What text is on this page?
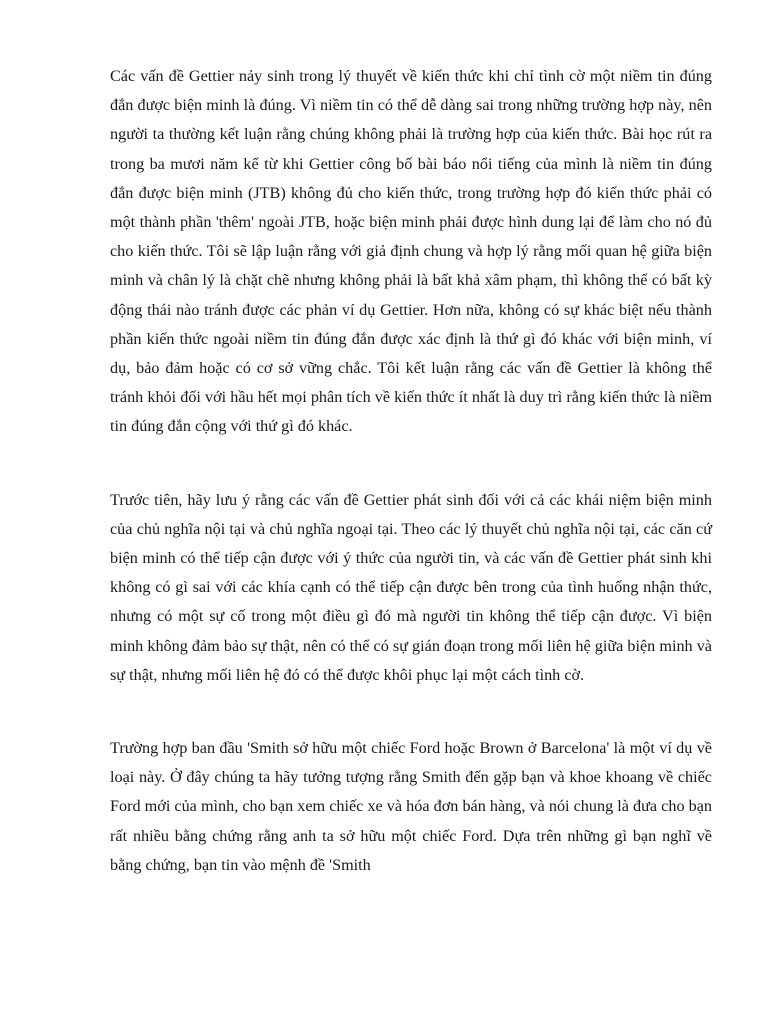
Các vấn đề Gettier nảy sinh trong lý thuyết về kiến thức khi chỉ tình cờ một niềm tin đúng đắn được biện minh là đúng. Vì niềm tin có thể dễ dàng sai trong những trường hợp này, nên người ta thường kết luận rằng chúng không phải là trường hợp của kiến thức. Bài học rút ra trong ba mươi năm kể từ khi Gettier công bố bài báo nổi tiếng của mình là niềm tin đúng đắn được biện minh (JTB) không đủ cho kiến thức, trong trường hợp đó kiến thức phải có một thành phần 'thêm' ngoài JTB, hoặc biện minh phải được hình dung lại để làm cho nó đủ cho kiến thức. Tôi sẽ lập luận rằng với giả định chung và hợp lý rằng mối quan hệ giữa biện minh và chân lý là chặt chẽ nhưng không phải là bất khả xâm phạm, thì không thể có bất kỳ động thái nào tránh được các phản ví dụ Gettier. Hơn nữa, không có sự khác biệt nếu thành phần kiến thức ngoài niềm tin đúng đắn được xác định là thứ gì đó khác với biện minh, ví dụ, bảo đảm hoặc có cơ sở vững chắc. Tôi kết luận rằng các vấn đề Gettier là không thể tránh khỏi đối với hầu hết mọi phân tích về kiến thức ít nhất là duy trì rằng kiến thức là niềm tin đúng đắn cộng với thứ gì đó khác.

Trước tiên, hãy lưu ý rằng các vấn đề Gettier phát sinh đối với cả các khái niệm biện minh của chủ nghĩa nội tại và chủ nghĩa ngoại tại. Theo các lý thuyết chủ nghĩa nội tại, các căn cứ biện minh có thể tiếp cận được với ý thức của người tin, và các vấn đề Gettier phát sinh khi không có gì sai với các khía cạnh có thể tiếp cận được bên trong của tình huống nhận thức, nhưng có một sự cố trong một điều gì đó mà người tin không thể tiếp cận được. Vì biện minh không đảm bảo sự thật, nên có thể có sự gián đoạn trong mối liên hệ giữa biện minh và sự thật, nhưng mối liên hệ đó có thể được khôi phục lại một cách tình cờ.

Trường hợp ban đầu 'Smith sở hữu một chiếc Ford hoặc Brown ở Barcelona' là một ví dụ về loại này. Ở đây chúng ta hãy tưởng tượng rằng Smith đến gặp bạn và khoe khoang về chiếc Ford mới của mình, cho bạn xem chiếc xe và hóa đơn bán hàng, và nói chung là đưa cho bạn rất nhiều bằng chứng rằng anh ta sở hữu một chiếc Ford. Dựa trên những gì bạn nghĩ về bằng chứng, bạn tin vào mệnh đề 'Smith
